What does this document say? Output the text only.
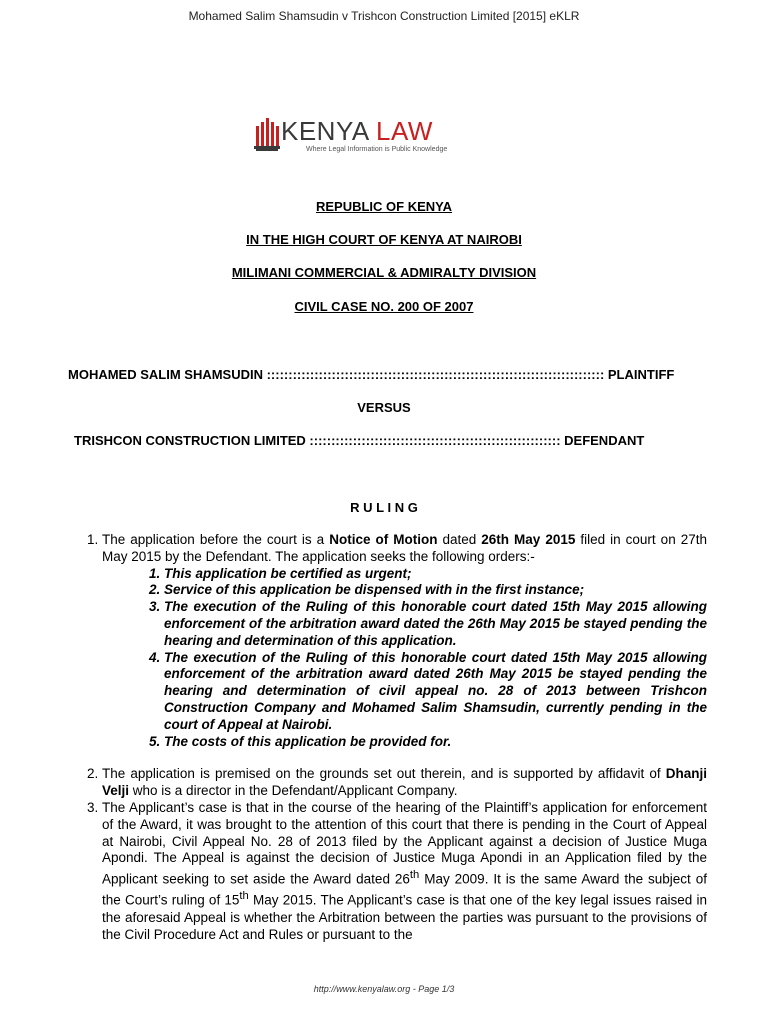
Mohamed Salim Shamsudin v Trishcon Construction Limited [2015] eKLR
KENYA LAW
Where Legal Information is Public Knowledge
REPUBLIC OF KENYA
IN THE HIGH COURT OF KENYA AT NAIROBI
MILIMANI COMMERCIAL & ADMIRALTY DIVISION
CIVIL CASE NO. 200 OF 2007
MOHAMED SALIM SHAMSUDIN :::::::::::::::::::::::::::::::::::::::::::::::::::::::::::::::::::::::::::::: PLAINTIFF
VERSUS
TRISHCON CONSTRUCTION LIMITED :::::::::::::::::::::::::::::::::::::::::::::::::::::::::: DEFENDANT
R U L I N G
1. The application before the court is a Notice of Motion dated 26th May 2015 filed in court on 27th May 2015 by the Defendant. The application seeks the following orders:-
1. This application be certified as urgent;
2. Service of this application be dispensed with in the first instance;
3. The execution of the Ruling of this honorable court dated 15th May 2015 allowing enforcement of the arbitration award dated the 26th May 2015 be stayed pending the hearing and determination of this application.
4. The execution of the Ruling of this honorable court dated 15th May 2015 allowing enforcement of the arbitration award dated 26th May 2015 be stayed pending the hearing and determination of civil appeal no. 28 of 2013 between Trishcon Construction Company and Mohamed Salim Shamsudin, currently pending in the court of Appeal at Nairobi.
5. The costs of this application be provided for.
2. The application is premised on the grounds set out therein, and is supported by affidavit of Dhanji Velji who is a director in the Defendant/Applicant Company.
3. The Applicant’s case is that in the course of the hearing of the Plaintiff’s application for enforcement of the Award, it was brought to the attention of this court that there is pending in the Court of Appeal at Nairobi, Civil Appeal No. 28 of 2013 filed by the Applicant against a decision of Justice Muga Apondi. The Appeal is against the decision of Justice Muga Apondi in an Application filed by the Applicant seeking to set aside the Award dated 26th May 2009. It is the same Award the subject of the Court’s ruling of 15th May 2015. The Applicant’s case is that one of the key legal issues raised in the aforesaid Appeal is whether the Arbitration between the parties was pursuant to the provisions of the Civil Procedure Act and Rules or pursuant to the
http://www.kenyalaw.org - Page 1/3
